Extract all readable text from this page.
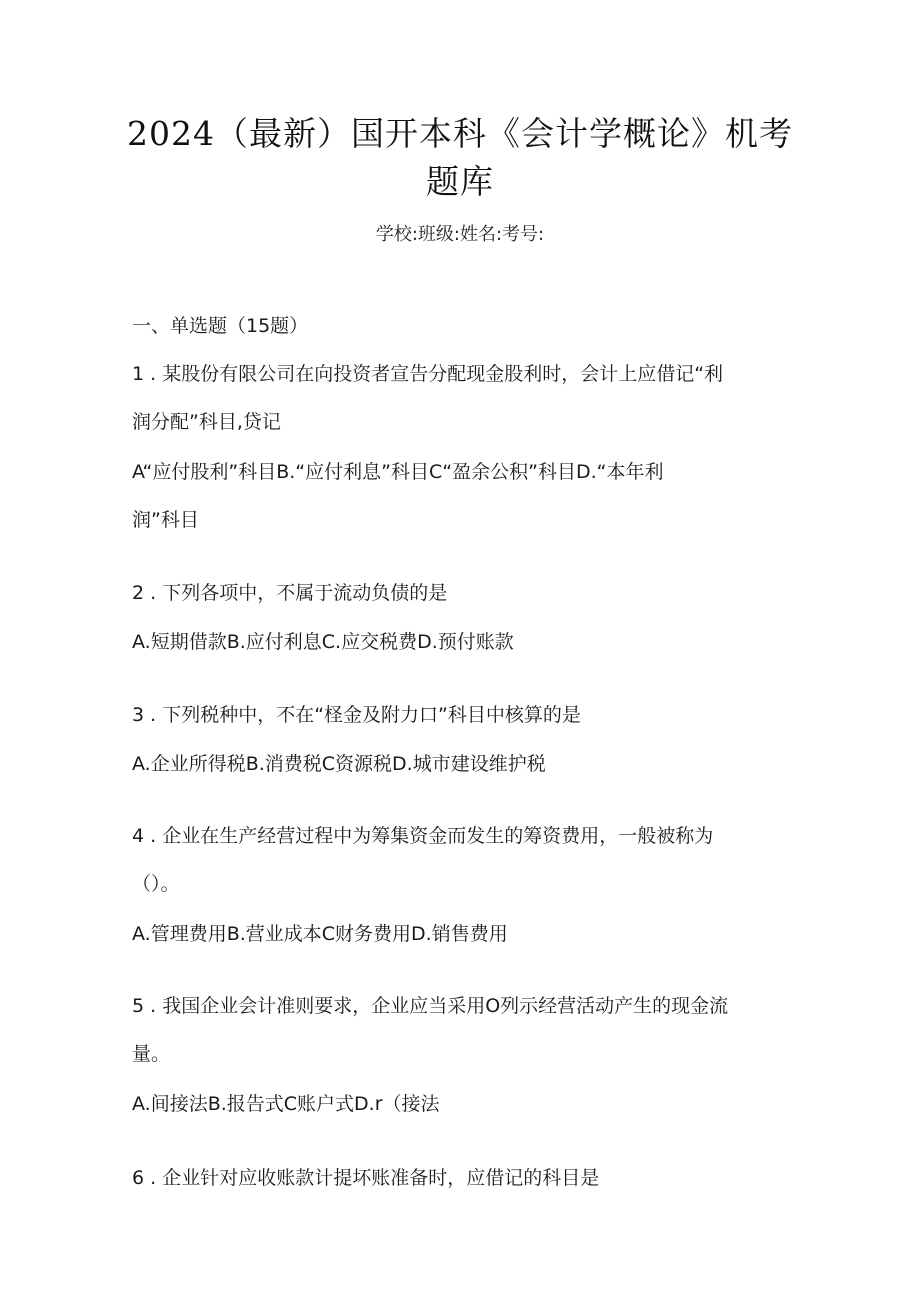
2024（最新）国开本科《会计学概论》机考
题库
学校:班级:姓名:考号:
一、单选题（15题）
1 . 某股份有限公司在向投资者宣告分配现金股利时，会计上应借记“利
润分配”科目,贷记
A“应付股利”科目B.“应付利息”科目C“盈余公积”科目D.“本年利
润”科目
2 . 下列各项中，不属于流动负债的是
A.短期借款B.应付利息C.应交税费D.预付账款
3 . 下列税种中，不在“柽金及附力口”科目中核算的是
A.企业所得税B.消费税C资源税D.城市建设维护税
4 . 企业在生产经营过程中为筹集资金而发生的筹资费用，一般被称为
（）。
A.管理费用B.营业成本C财务费用D.销售费用
5 . 我国企业会计准则要求，企业应当采用O列示经营活动产生的现金流
量。
A.间接法B.报告式C账户式D.r（接法
6 . 企业针对应收账款计提坏账准备时，应借记的科目是
